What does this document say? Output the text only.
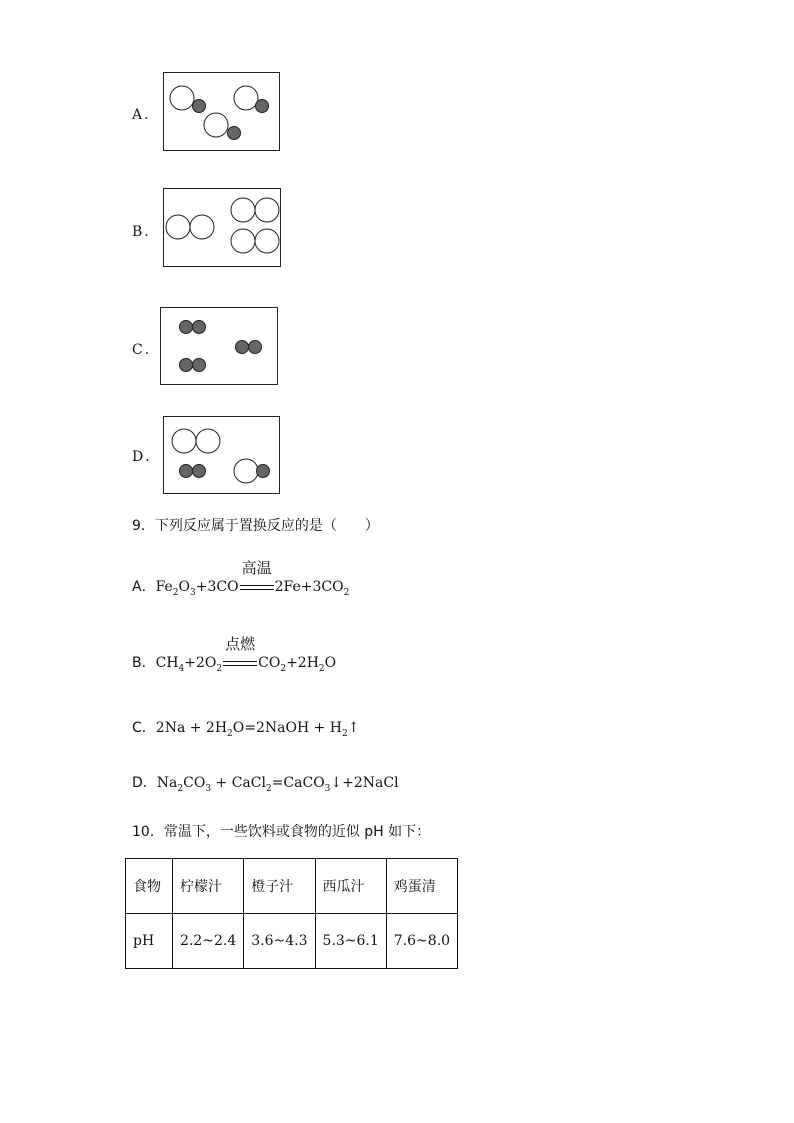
A．
B．
C．
D．
9．下列反应属于置换反应的是（　　）
A．$Fe_2O_3+3CO$
高温
$2Fe+3CO_2$
B．$CH_4+2O_2$
点燃
$CO_2+2H_2O$
C．$2Na + 2H_2O=2NaOH$ + $H_2↑$
D．$Na_2CO_3$ + CaCl$_2$=CaCO$_3$↓+2NaCl
10．常温下，一些饮料或食物的近似 pH 如下：
食物	柠檬汁	橙子汁	西瓜汁	鸡蛋清
pH	2.2~2.4	3.6~4.3	5.3~6.1	7.6~8.0
